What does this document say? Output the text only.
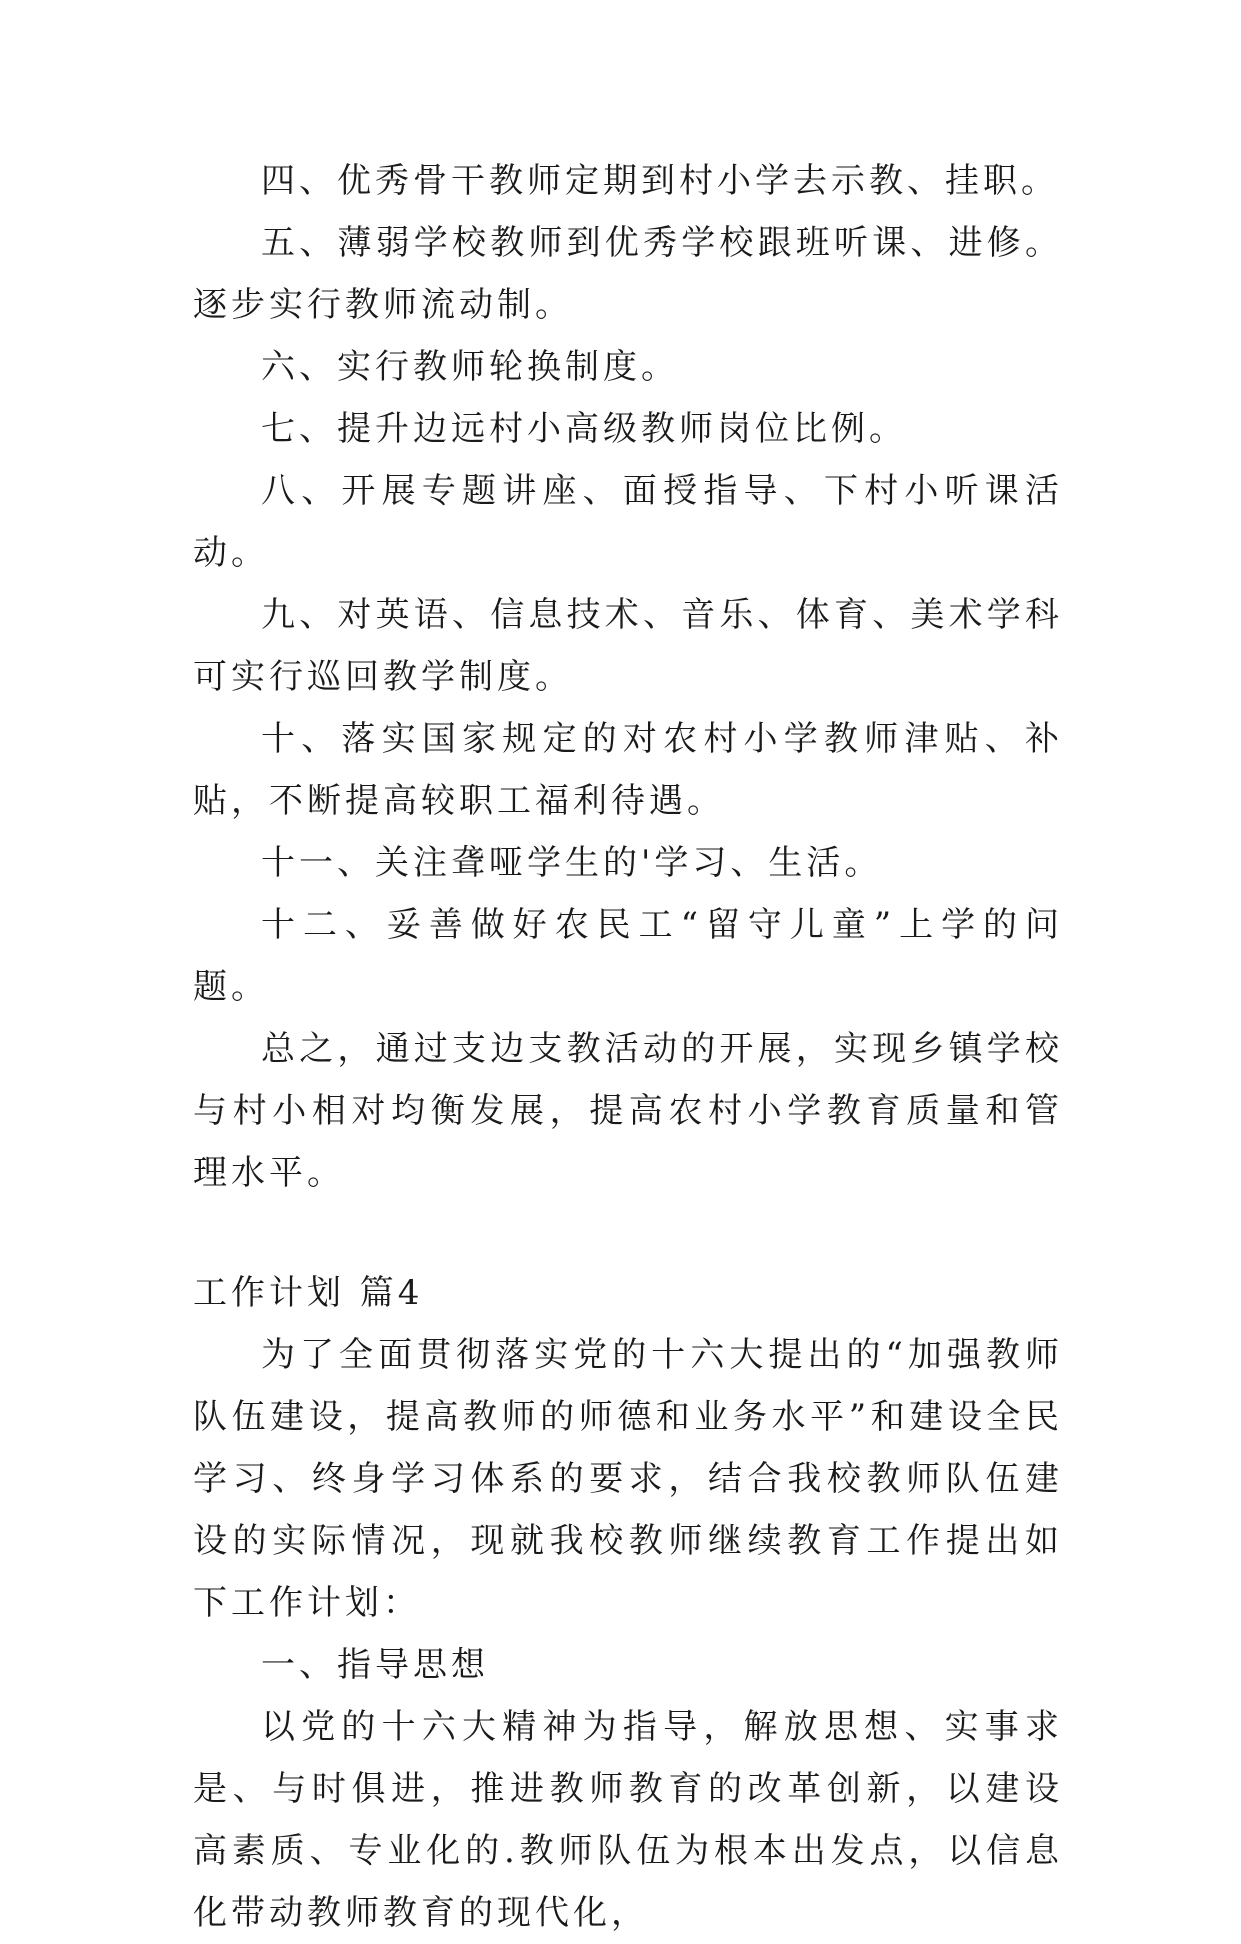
四、优秀骨干教师定期到村小学去示教、挂职。

五、薄弱学校教师到优秀学校跟班听课、进修。逐步实行教师流动制。

六、实行教师轮换制度。

七、提升边远村小高级教师岗位比例。

八、开展专题讲座、面授指导、下村小听课活动。

九、对英语、信息技术、音乐、体育、美术学科可实行巡回教学制度。

十、落实国家规定的对农村小学教师津贴、补贴，不断提高较职工福利待遇。

十一、关注聋哑学生的'学习、生活。

十二、妥善做好农民工“留守儿童”上学的问题。

总之，通过支边支教活动的开展，实现乡镇学校与村小相对均衡发展，提高农村小学教育质量和管理水平。

工作计划 篇4

为了全面贯彻落实党的十六大提出的“加强教师队伍建设，提高教师的师德和业务水平”和建设全民学习、终身学习体系的要求，结合我校教师队伍建设的实际情况，现就我校教师继续教育工作提出如下工作计划：

一、指导思想

以党的十六大精神为指导，解放思想、实事求是、与时俱进，推进教师教育的改革创新，以建设高素质、专业化的.教师队伍为根本出发点，以信息化带动教师教育的现代化，
